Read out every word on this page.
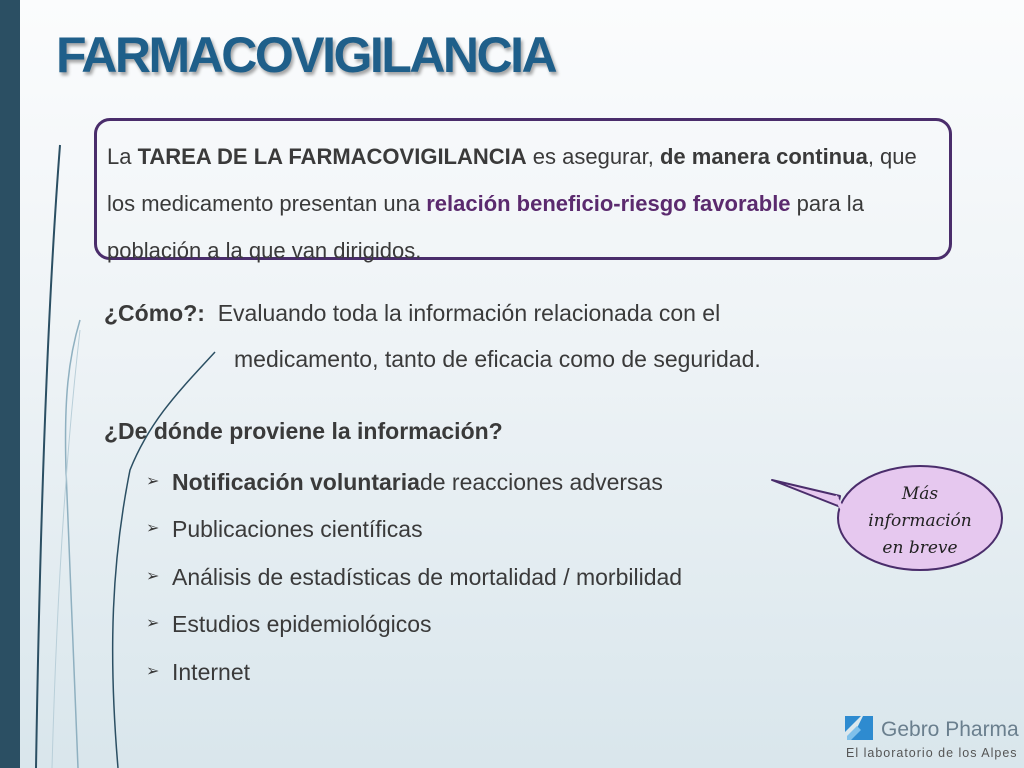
FARMACOVIGILANCIA
La TAREA DE LA FARMACOVIGILANCIA es asegurar, de manera continua, que los medicamento presentan una relación beneficio-riesgo favorable para la población a la que van dirigidos.
¿Cómo?: Evaluando toda la información relacionada con el
medicamento, tanto de eficacia como de seguridad.
¿De dónde proviene la información?
➢ Notificación voluntaria de reacciones adversas
➢ Publicaciones científicas
➢ Análisis de estadísticas de mortalidad / morbilidad
➢ Estudios epidemiológicos
➢ Internet
Más
información
en breve
Gebro Pharma
El laboratorio de los Alpes
